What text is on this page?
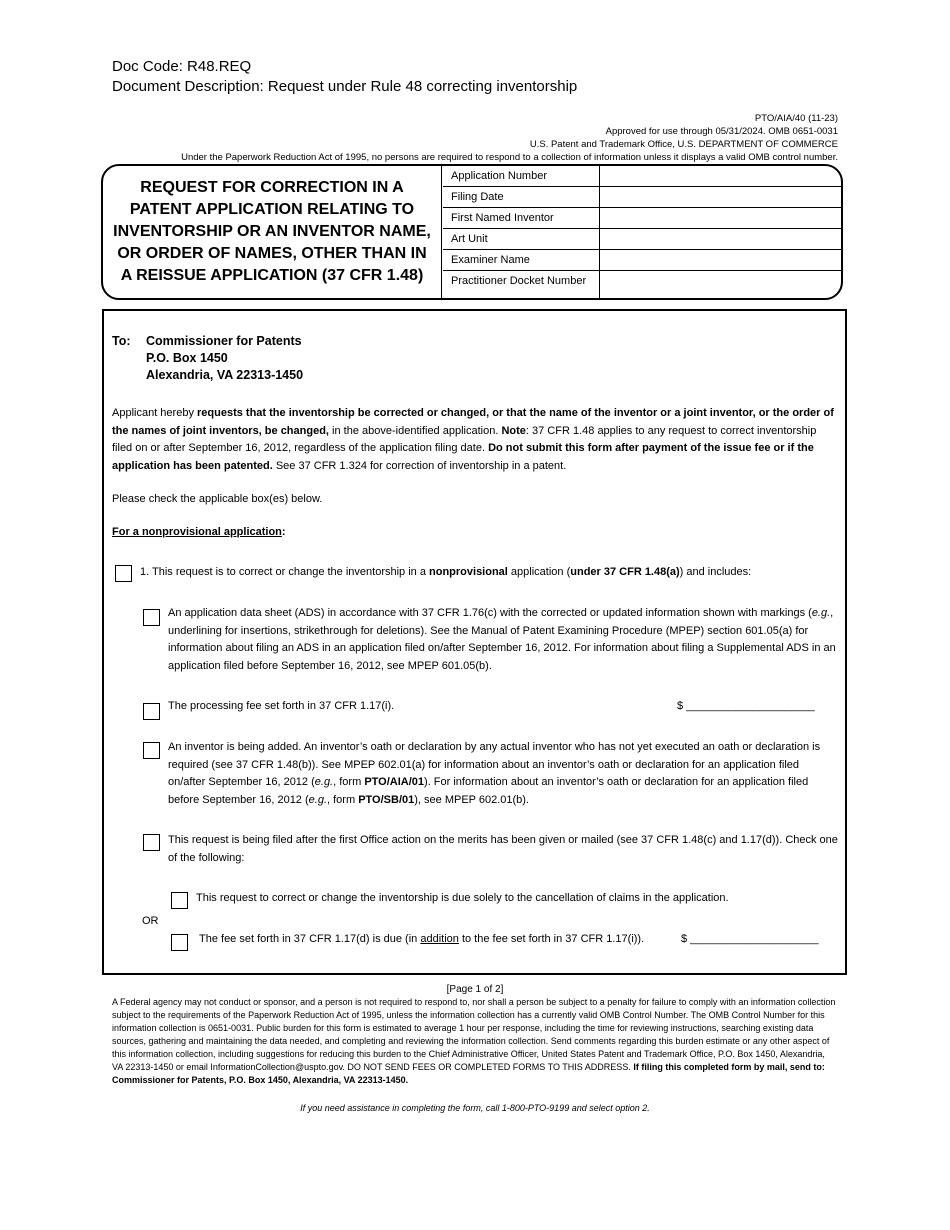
Doc Code: R48.REQ
Document Description: Request under Rule 48 correcting inventorship
PTO/AIA/40 (11-23)
Approved for use through 05/31/2024. OMB 0651-0031
U.S. Patent and Trademark Office, U.S. DEPARTMENT OF COMMERCE
Under the Paperwork Reduction Act of 1995, no persons are required to respond to a collection of information unless it displays a valid OMB control number.
REQUEST FOR CORRECTION IN A PATENT APPLICATION RELATING TO INVENTORSHIP OR AN INVENTOR NAME, OR ORDER OF NAMES, OTHER THAN IN A REISSUE APPLICATION (37 CFR 1.48)
Application Number
Filing Date
First Named Inventor
Art Unit
Examiner Name
Practitioner Docket Number
To: Commissioner for Patents
P.O. Box 1450
Alexandria, VA 22313-1450
Applicant hereby requests that the inventorship be corrected or changed, or that the name of the inventor or a joint inventor, or the order of the names of joint inventors, be changed, in the above-identified application. Note: 37 CFR 1.48 applies to any request to correct inventorship filed on or after September 16, 2012, regardless of the application filing date. Do not submit this form after payment of the issue fee or if the application has been patented. See 37 CFR 1.324 for correction of inventorship in a patent.
Please check the applicable box(es) below.
For a nonprovisional application:
1. This request is to correct or change the inventorship in a nonprovisional application (under 37 CFR 1.48(a)) and includes:
An application data sheet (ADS) in accordance with 37 CFR 1.76(c) with the corrected or updated information shown with markings (e.g., underlining for insertions, strikethrough for deletions). See the Manual of Patent Examining Procedure (MPEP) section 601.05(a) for information about filing an ADS in an application filed on/after September 16, 2012. For information about filing a Supplemental ADS in an application filed before September 16, 2012, see MPEP 601.05(b).
The processing fee set forth in 37 CFR 1.17(i).	$ _____________________
An inventor is being added. An inventor’s oath or declaration by any actual inventor who has not yet executed an oath or declaration is required (see 37 CFR 1.48(b)). See MPEP 602.01(a) for information about an inventor’s oath or declaration for an application filed on/after September 16, 2012 (e.g., form PTO/AIA/01). For information about an inventor’s oath or declaration for an application filed before September 16, 2012 (e.g., form PTO/SB/01), see MPEP 602.01(b).
This request is being filed after the first Office action on the merits has been given or mailed (see 37 CFR 1.48(c) and 1.17(d)). Check one of the following:
This request to correct or change the inventorship is due solely to the cancellation of claims in the application.
OR
The fee set forth in 37 CFR 1.17(d) is due (in addition to the fee set forth in 37 CFR 1.17(i)).	$ _____________________
[Page 1 of 2]
A Federal agency may not conduct or sponsor, and a person is not required to respond to, nor shall a person be subject to a penalty for failure to comply with an information collection subject to the requirements of the Paperwork Reduction Act of 1995, unless the information collection has a currently valid OMB Control Number. The OMB Control Number for this information collection is 0651-0031. Public burden for this form is estimated to average 1 hour per response, including the time for reviewing instructions, searching existing data sources, gathering and maintaining the data needed, and completing and reviewing the information collection. Send comments regarding this burden estimate or any other aspect of this information collection, including suggestions for reducing this burden to the Chief Administrative Officer, United States Patent and Trademark Office, P.O. Box 1450, Alexandria, VA 22313-1450 or email InformationCollection@uspto.gov. DO NOT SEND FEES OR COMPLETED FORMS TO THIS ADDRESS. If filing this completed form by mail, send to: Commissioner for Patents, P.O. Box 1450, Alexandria, VA 22313-1450.
If you need assistance in completing the form, call 1-800-PTO-9199 and select option 2.
